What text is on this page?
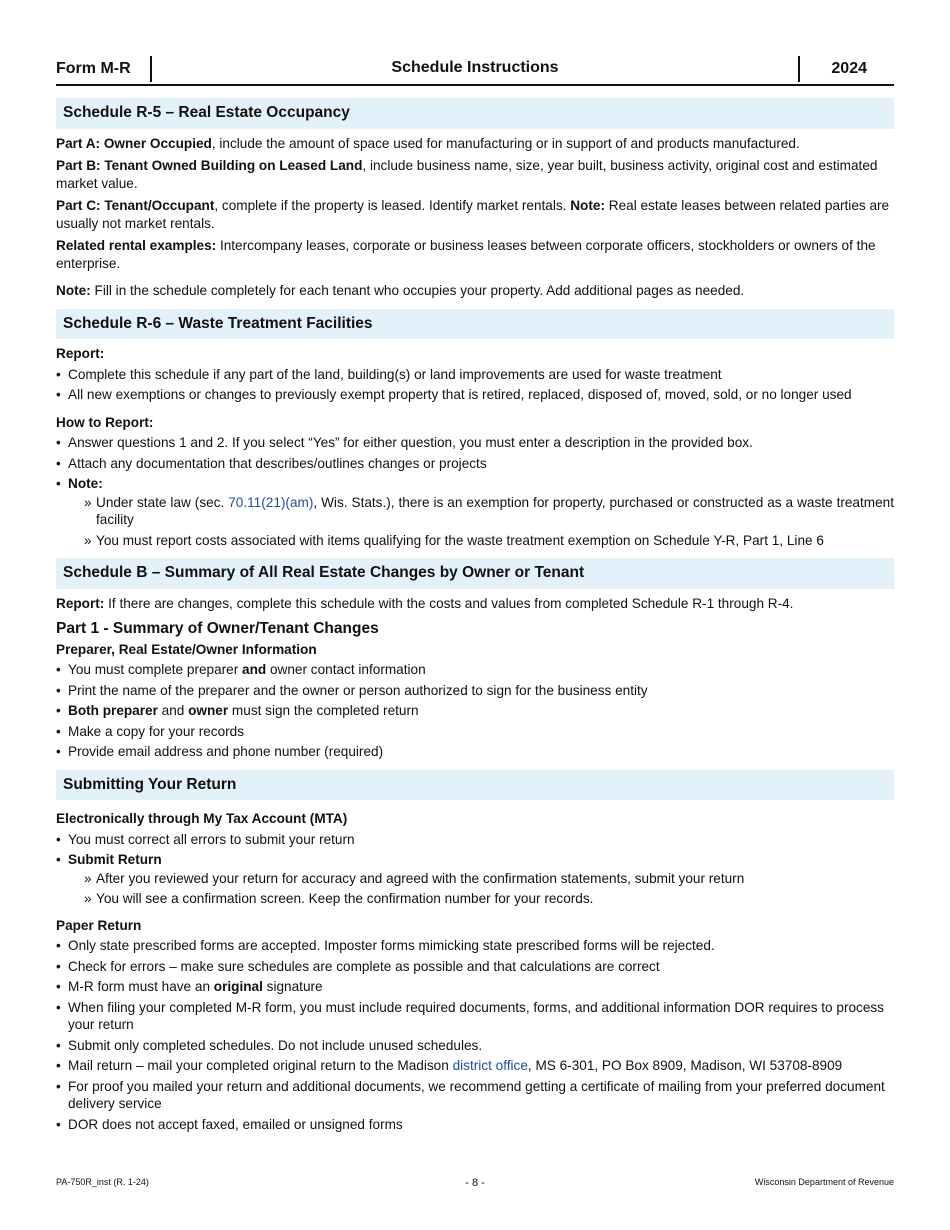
Form M-R	Schedule Instructions	2024
Schedule R-5 – Real Estate Occupancy

Part A: Owner Occupied, include the amount of space used for manufacturing or in support of and products manufactured.

Part B: Tenant Owned Building on Leased Land, include business name, size, year built, business activity, original cost and estimated market value.

Part C: Tenant/Occupant, complete if the property is leased. Identify market rentals. Note: Real estate leases between related parties are usually not market rentals.

Related rental examples: Intercompany leases, corporate or business leases between corporate officers, stockholders or owners of the enterprise.

Note: Fill in the schedule completely for each tenant who occupies your property. Add additional pages as needed.

Schedule R-6 – Waste Treatment Facilities
Report:
• Complete this schedule if any part of the land, building(s) or land improvements are used for waste treatment
• All new exemptions or changes to previously exempt property that is retired, replaced, disposed of, moved, sold, or no longer used
How to Report:
• Answer questions 1 and 2. If you select “Yes” for either question, you must enter a description in the provided box.
• Attach any documentation that describes/outlines changes or projects
• Note:
» Under state law (sec. 70.11(21)(am), Wis. Stats.), there is an exemption for property, purchased or constructed as a waste treatment facility
» You must report costs associated with items qualifying for the waste treatment exemption on Schedule Y-R, Part 1, Line 6
Schedule B – Summary of All Real Estate Changes by Owner or Tenant

Report: If there are changes, complete this schedule with the costs and values from completed Schedule R-1 through R-4.

Part 1 - Summary of Owner/Tenant Changes
Preparer, Real Estate/Owner Information
• You must complete preparer and owner contact information
• Print the name of the preparer and the owner or person authorized to sign for the business entity
• Both preparer and owner must sign the completed return
• Make a copy for your records
• Provide email address and phone number (required)
Submitting Your Return
Electronically through My Tax Account (MTA)
• You must correct all errors to submit your return
• Submit Return
» After you reviewed your return for accuracy and agreed with the confirmation statements, submit your return
» You will see a confirmation screen. Keep the confirmation number for your records.
Paper Return
• Only state prescribed forms are accepted. Imposter forms mimicking state prescribed forms will be rejected.
• Check for errors – make sure schedules are complete as possible and that calculations are correct
• M-R form must have an original signature
• When filing your completed M-R form, you must include required documents, forms, and additional information DOR requires to process your return
• Submit only completed schedules. Do not include unused schedules.
• Mail return – mail your completed original return to the Madison district office, MS 6-301, PO Box 8909, Madison, WI 53708-8909
• For proof you mailed your return and additional documents, we recommend getting a certificate of mailing from your preferred document delivery service
• DOR does not accept faxed, emailed or unsigned forms
PA-750R_inst (R. 1-24)	- 8 -	Wisconsin Department of Revenue
